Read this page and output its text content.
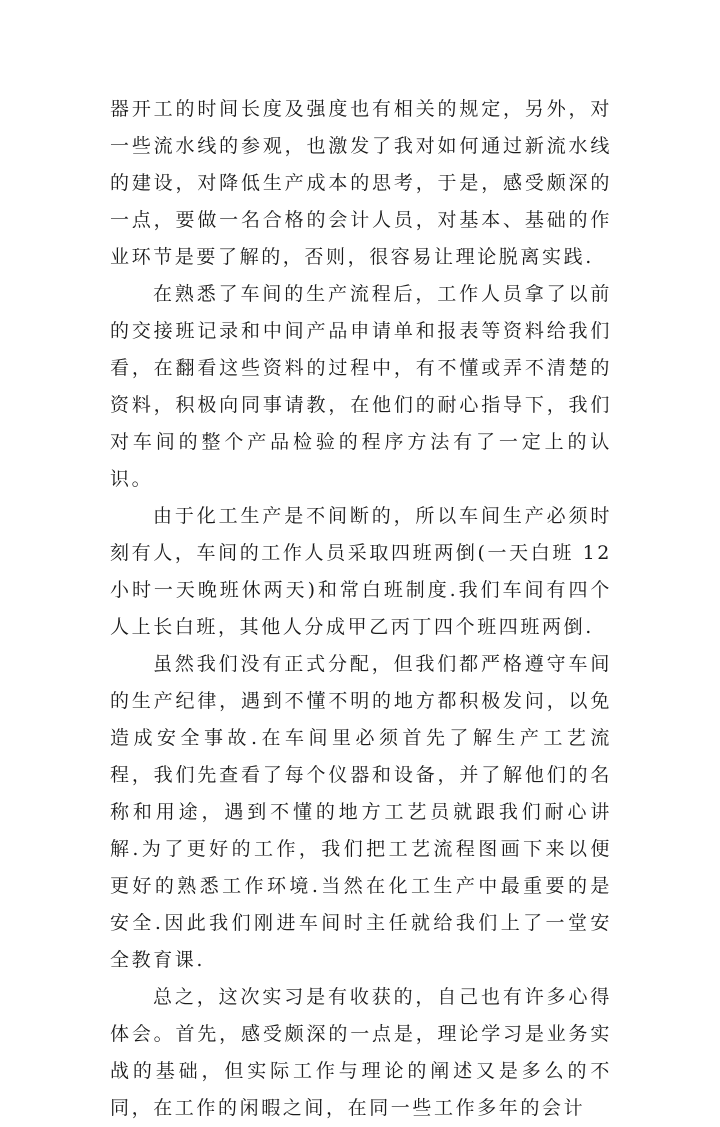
器开工的时间长度及强度也有相关的规定，另外，对一些流水线的参观，也激发了我对如何通过新流水线的建设，对降低生产成本的思考，于是，感受颇深的一点，要做一名合格的会计人员，对基本、基础的作业环节是要了解的，否则，很容易让理论脱离实践.

在熟悉了车间的生产流程后，工作人员拿了以前的交接班记录和中间产品申请单和报表等资料给我们看，在翻看这些资料的过程中，有不懂或弄不清楚的资料，积极向同事请教，在他们的耐心指导下，我们对车间的整个产品检验的程序方法有了一定上的认识。

由于化工生产是不间断的，所以车间生产必须时刻有人，车间的工作人员采取四班两倒(一天白班 12 小时一天晚班休两天)和常白班制度.我们车间有四个人上长白班，其他人分成甲乙丙丁四个班四班两倒.

虽然我们没有正式分配，但我们都严格遵守车间的生产纪律，遇到不懂不明的地方都积极发问，以免造成安全事故.在车间里必须首先了解生产工艺流程，我们先查看了每个仪器和设备，并了解他们的名称和用途，遇到不懂的地方工艺员就跟我们耐心讲解.为了更好的工作，我们把工艺流程图画下来以便更好的熟悉工作环境.当然在化工生产中最重要的是安全.因此我们刚进车间时主任就给我们上了一堂安全教育课.

总之，这次实习是有收获的，自己也有许多心得体会。首先，感受颇深的一点是，理论学习是业务实战的基础，但实际工作与理论的阐述又是多么的不同，在工作的闲暇之间，在同一些工作多年的会计
